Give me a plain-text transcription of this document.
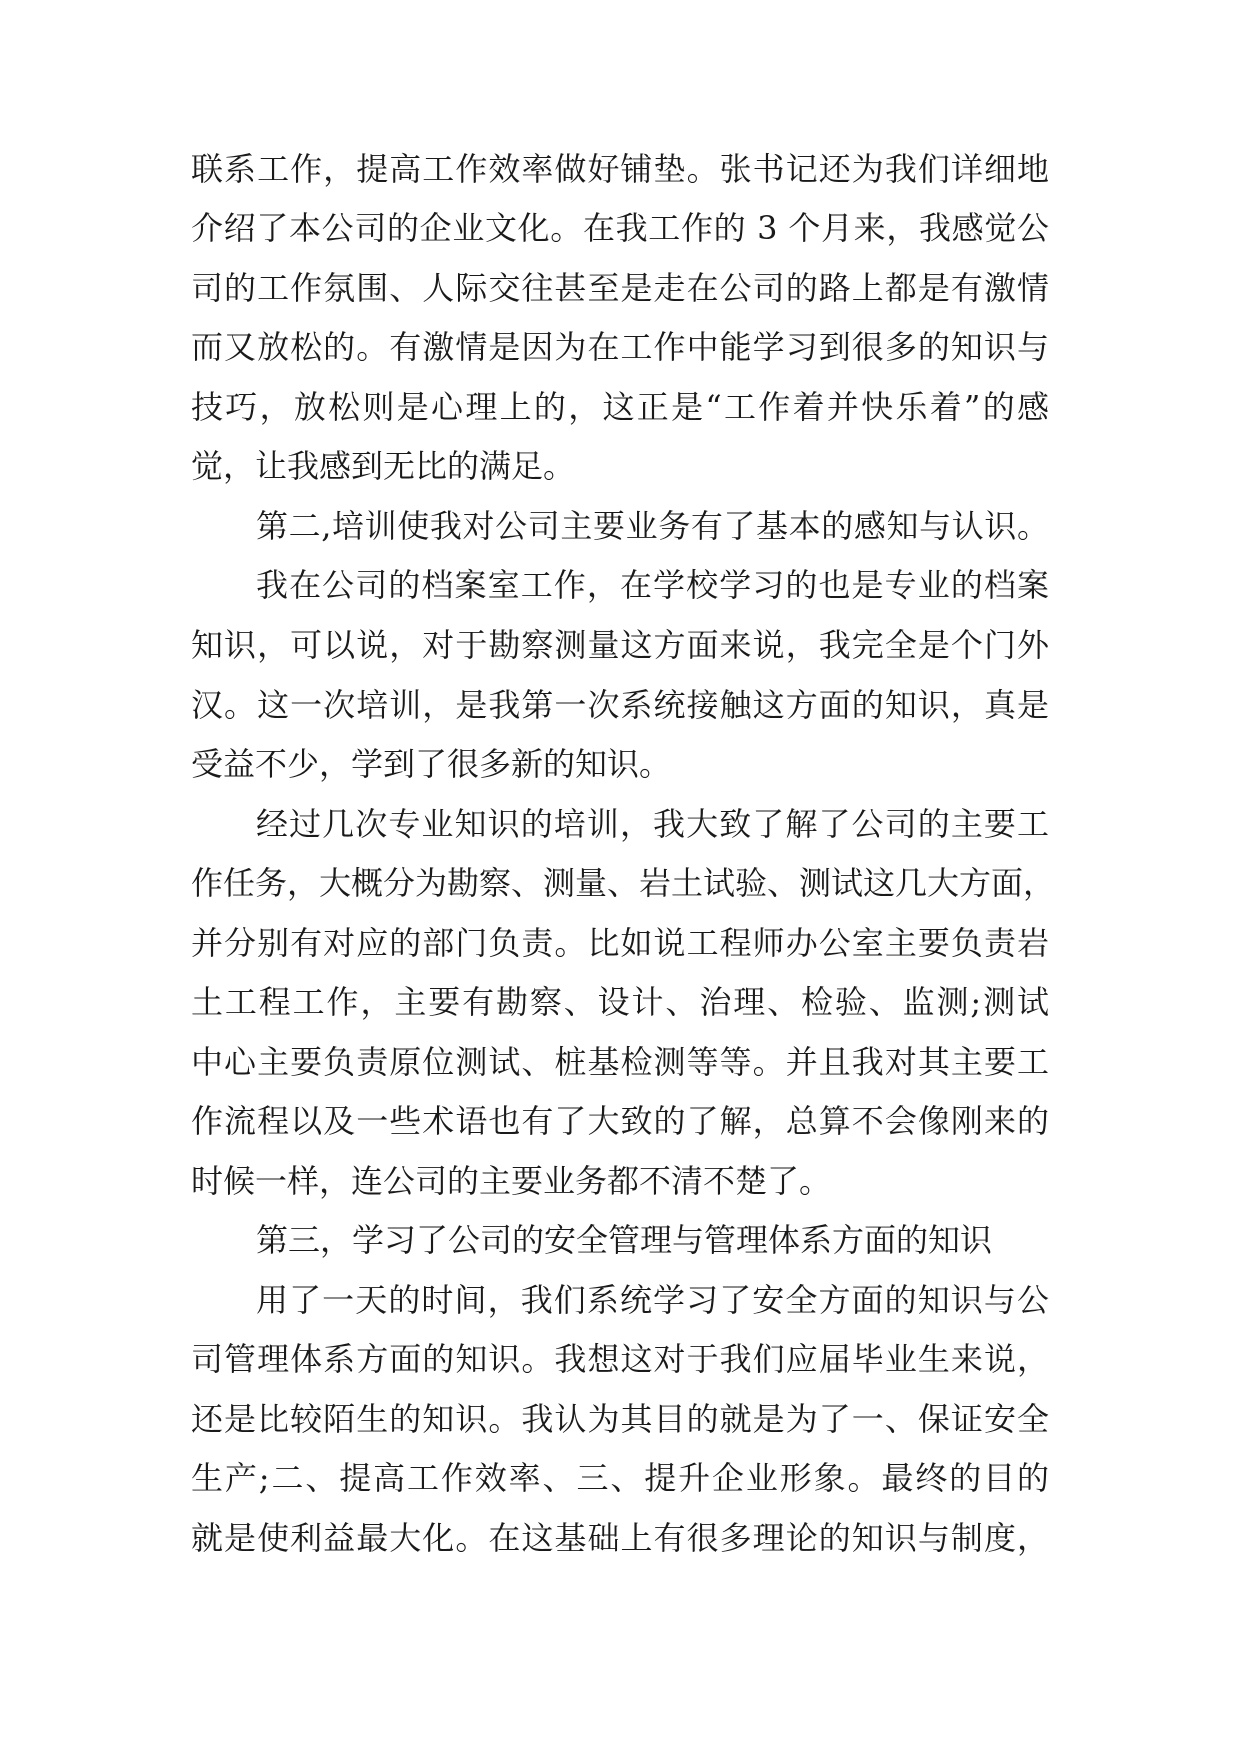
联系工作，提高工作效率做好铺垫。张书记还为我们详细地

介绍了本公司的企业文化。在我工作的 3 个月来，我感觉公

司的工作氛围、人际交往甚至是走在公司的路上都是有激情

而又放松的。有激情是因为在工作中能学习到很多的知识与

技巧，放松则是心理上的，这正是“工作着并快乐着”的感

觉，让我感到无比的满足。

第二,培训使我对公司主要业务有了基本的感知与认识。

我在公司的档案室工作，在学校学习的也是专业的档案

知识，可以说，对于勘察测量这方面来说，我完全是个门外

汉。这一次培训，是我第一次系统接触这方面的知识，真是

受益不少，学到了很多新的知识。

经过几次专业知识的培训，我大致了解了公司的主要工

作任务，大概分为勘察、测量、岩土试验、测试这几大方面，

并分别有对应的部门负责。比如说工程师办公室主要负责岩

土工程工作，主要有勘察、设计、治理、检验、监测;测试

中心主要负责原位测试、桩基检测等等。并且我对其主要工

作流程以及一些术语也有了大致的了解，总算不会像刚来的

时候一样，连公司的主要业务都不清不楚了。

第三，学习了公司的安全管理与管理体系方面的知识

用了一天的时间，我们系统学习了安全方面的知识与公

司管理体系方面的知识。我想这对于我们应届毕业生来说，

还是比较陌生的知识。我认为其目的就是为了一、保证安全

生产;二、提高工作效率、三、提升企业形象。最终的目的

就是使利益最大化。在这基础上有很多理论的知识与制度，
